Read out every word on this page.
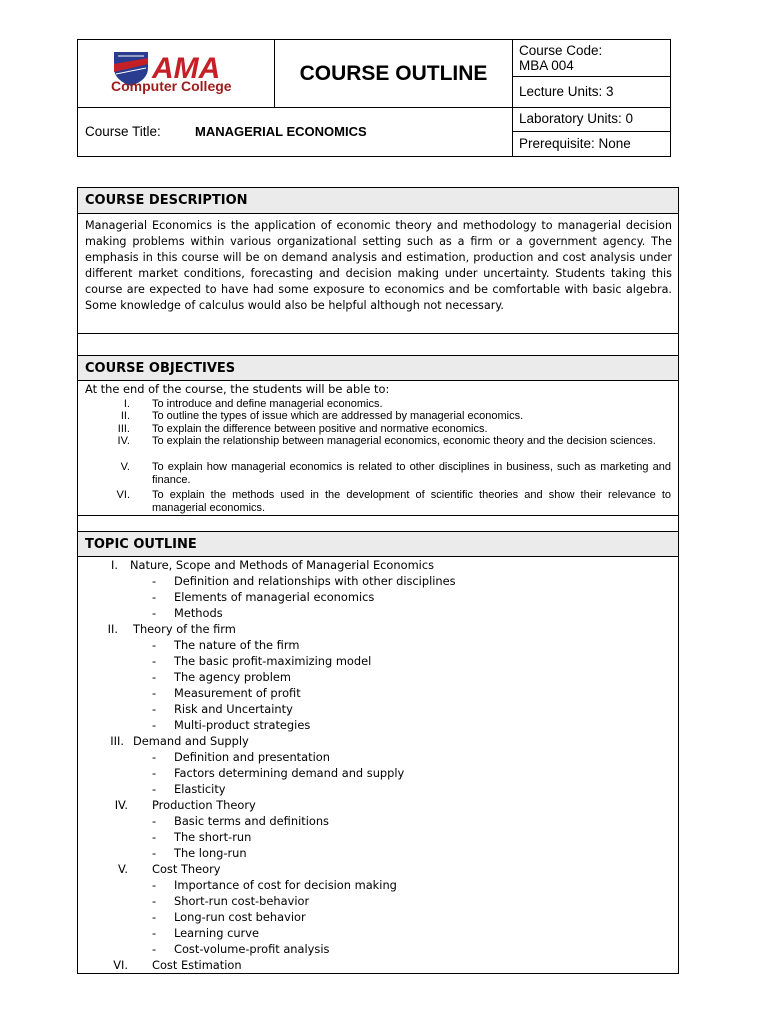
AMA
Computer College
COURSE OUTLINE
Course Title:	MANAGERIAL ECONOMICS
Course Code:
MBA 004
Lecture Units: 3
Laboratory Units: 0
Prerequisite: None
COURSE DESCRIPTION
Managerial Economics is the application of economic theory and methodology to managerial decision making problems within various organizational setting such as a firm or a government agency. The emphasis in this course will be on demand analysis and estimation, production and cost analysis under different market conditions, forecasting and decision making under uncertainty. Students taking this course are expected to have had some exposure to economics and be comfortable with basic algebra. Some knowledge of calculus would also be helpful although not necessary.
COURSE OBJECTIVES
At the end of the course, the students will be able to:
I. To introduce and define managerial economics.
II. To outline the types of issue which are addressed by managerial economics.
III. To explain the difference between positive and normative economics.
IV. To explain the relationship between managerial economics, economic theory and the decision sciences.
V. To explain how managerial economics is related to other disciplines in business, such as marketing and finance.
VI. To explain the methods used in the development of scientific theories and show their relevance to managerial economics.
TOPIC OUTLINE
I. Nature, Scope and Methods of Managerial Economics
- Definition and relationships with other disciplines
- Elements of managerial economics
- Methods
II. Theory of the firm
- The nature of the firm
- The basic profit-maximizing model
- The agency problem
- Measurement of profit
- Risk and Uncertainty
- Multi-product strategies
III. Demand and Supply
- Definition and presentation
- Factors determining demand and supply
- Elasticity
IV. Production Theory
- Basic terms and definitions
- The short-run
- The long-run
V. Cost Theory
- Importance of cost for decision making
- Short-run cost-behavior
- Long-run cost behavior
- Learning curve
- Cost-volume-profit analysis
VI. Cost Estimation
